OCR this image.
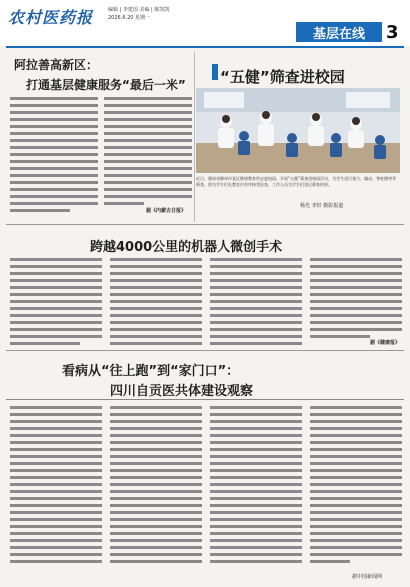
农村医药报	编辑 | 李建国 美编 | 陈凯凯
2026.6.20 星期一
基层在线	3
阿拉善高新区：
打通基层健康服务“最后一米”

据《内蒙古日报》
“五健”筛查进校园
近日，湖南省郴州市某区健康教育所走进校园，开展“五健”筛查进校园活动，为学生进行视力、龋齿、脊柱侧弯等筛查。图为学生们在教室内有序接受检查，工作人员为学生们登记筛查结果。
杨光 李轩 摄影报道
跨越4000公里的机器人微创手术
据《健康报》
看病从“往上跑”到“家门口”：
四川自贡医共体建设观察
据中国新闻网
